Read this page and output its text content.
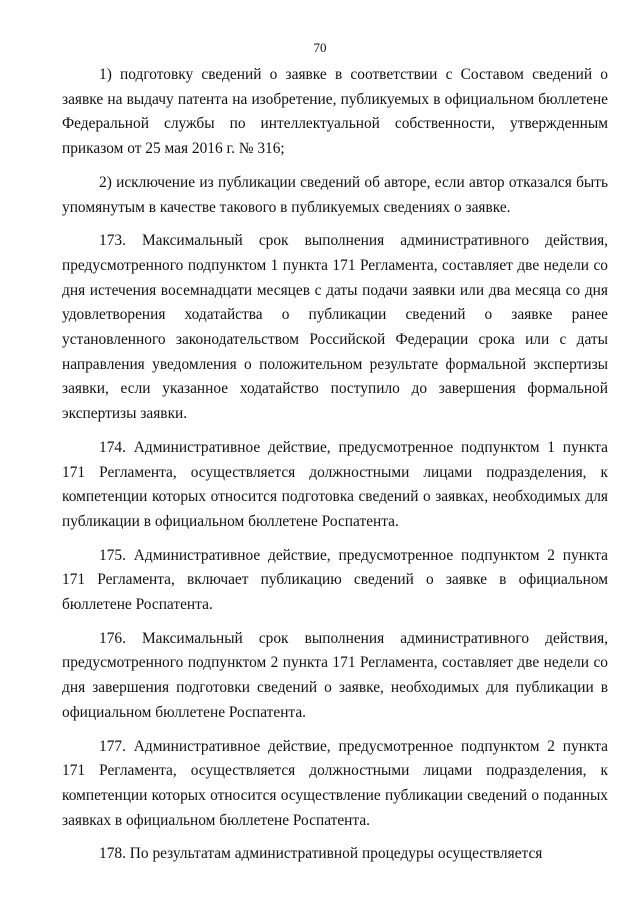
70

1) подготовку сведений о заявке в соответствии с Составом сведений о заявке на выдачу патента на изобретение, публикуемых в официальном бюллетене Федеральной службы по интеллектуальной собственности, утвержденным приказом от 25 мая 2016 г. № 316;

2) исключение из публикации сведений об авторе, если автор отказался быть упомянутым в качестве такового в публикуемых сведениях о заявке.

173. Максимальный срок выполнения административного действия, предусмотренного подпунктом 1 пункта 171 Регламента, составляет две недели со дня истечения восемнадцати месяцев с даты подачи заявки или два месяца со дня удовлетворения ходатайства о публикации сведений о заявке ранее установленного законодательством Российской Федерации срока или с даты направления уведомления о положительном результате формальной экспертизы заявки, если указанное ходатайство поступило до завершения формальной экспертизы заявки.

174. Административное действие, предусмотренное подпунктом 1 пункта 171 Регламента, осуществляется должностными лицами подразделения, к компетенции которых относится подготовка сведений о заявках, необходимых для публикации в официальном бюллетене Роспатента.

175. Административное действие, предусмотренное подпунктом 2 пункта 171 Регламента, включает публикацию сведений о заявке в официальном бюллетене Роспатента.

176. Максимальный срок выполнения административного действия, предусмотренного подпунктом 2 пункта 171 Регламента, составляет две недели со дня завершения подготовки сведений о заявке, необходимых для публикации в официальном бюллетене Роспатента.

177. Административное действие, предусмотренное подпунктом 2 пункта 171 Регламента, осуществляется должностными лицами подразделения, к компетенции которых относится осуществление публикации сведений о поданных заявках в официальном бюллетене Роспатента.

178. По результатам административной процедуры осуществляется
